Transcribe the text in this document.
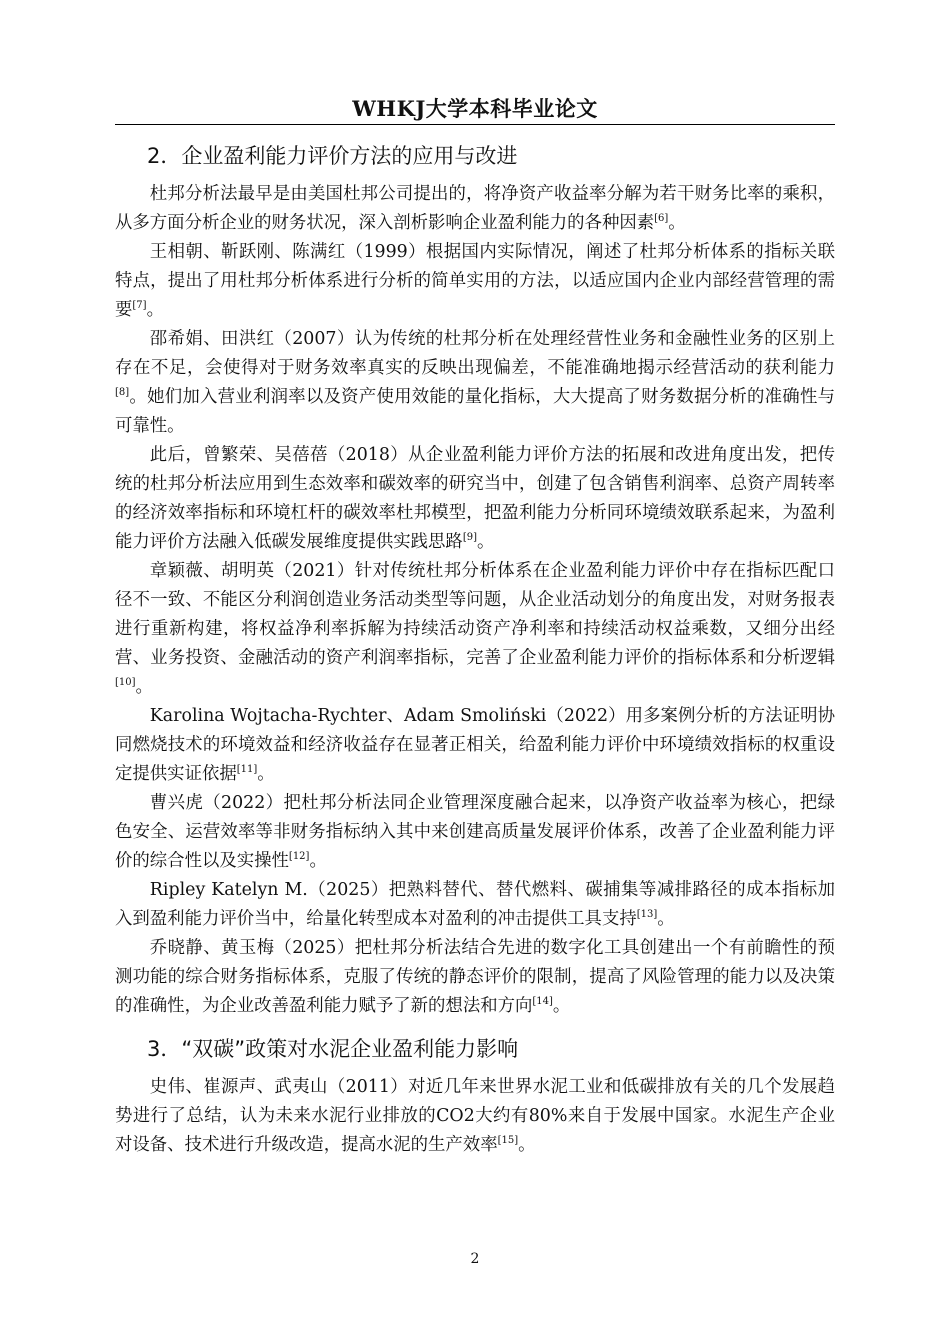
WHKJ大学本科毕业论文
2．企业盈利能力评价方法的应用与改进

杜邦分析法最早是由美国杜邦公司提出的，将净资产收益率分解为若干财务比率的乘积，从多方面分析企业的财务状况，深入剖析影响企业盈利能力的各种因素[6]。

王相朝、靳跃刚、陈满红（1999）根据国内实际情况，阐述了杜邦分析体系的指标关联特点，提出了用杜邦分析体系进行分析的简单实用的方法，以适应国内企业内部经营管理的需要[7]。

邵希娟、田洪红（2007）认为传统的杜邦分析在处理经营性业务和金融性业务的区别上存在不足，会使得对于财务效率真实的反映出现偏差，不能准确地揭示经营活动的获利能力[8]。她们加入营业利润率以及资产使用效能的量化指标，大大提高了财务数据分析的准确性与可靠性。

此后，曾繁荣、吴蓓蓓（2018）从企业盈利能力评价方法的拓展和改进角度出发，把传统的杜邦分析法应用到生态效率和碳效率的研究当中，创建了包含销售利润率、总资产周转率的经济效率指标和环境杠杆的碳效率杜邦模型，把盈利能力分析同环境绩效联系起来，为盈利能力评价方法融入低碳发展维度提供实践思路[9]。

章颖薇、胡明英（2021）针对传统杜邦分析体系在企业盈利能力评价中存在指标匹配口径不一致、不能区分利润创造业务活动类型等问题，从企业活动划分的角度出发，对财务报表进行重新构建，将权益净利率拆解为持续活动资产净利率和持续活动权益乘数，又细分出经营、业务投资、金融活动的资产利润率指标，完善了企业盈利能力评价的指标体系和分析逻辑[10]。

Karolina Wojtacha-Rychter、Adam Smoliński（2022）用多案例分析的方法证明协同燃烧技术的环境效益和经济收益存在显著正相关，给盈利能力评价中环境绩效指标的权重设定提供实证依据[11]。

曹兴虎（2022）把杜邦分析法同企业管理深度融合起来，以净资产收益率为核心，把绿色安全、运营效率等非财务指标纳入其中来创建高质量发展评价体系，改善了企业盈利能力评价的综合性以及实操性[12]。

Ripley Katelyn M.（2025）把熟料替代、替代燃料、碳捕集等减排路径的成本指标加入到盈利能力评价当中，给量化转型成本对盈利的冲击提供工具支持[13]。

乔晓静、黄玉梅（2025）把杜邦分析法结合先进的数字化工具创建出一个有前瞻性的预测功能的综合财务指标体系，克服了传统的静态评价的限制，提高了风险管理的能力以及决策的准确性，为企业改善盈利能力赋予了新的想法和方向[14]。

3．“双碳”政策对水泥企业盈利能力影响

史伟、崔源声、武夷山（2011）对近几年来世界水泥工业和低碳排放有关的几个发展趋势进行了总结，认为未来水泥行业排放的CO2大约有80%来自于发展中国家。水泥生产企业对设备、技术进行升级改造，提高水泥的生产效率[15]。

2
